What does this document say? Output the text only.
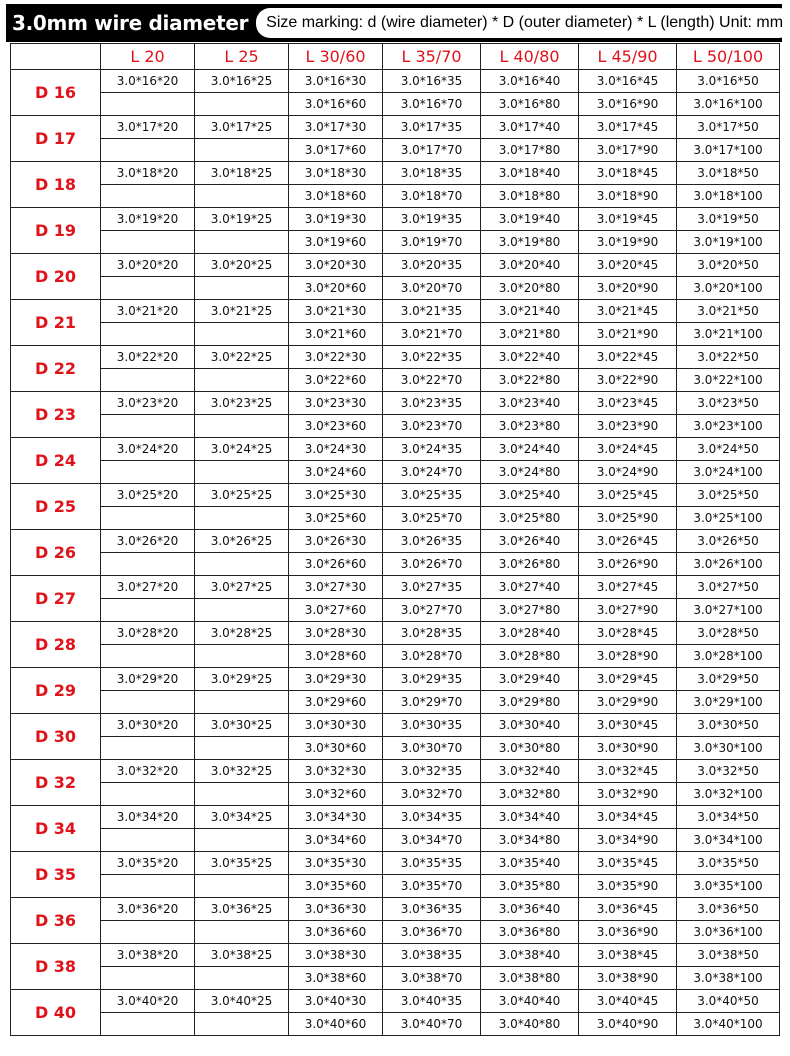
3.0mm wire diameter	Size marking: d (wire diameter) * D (outer diameter) * L (length) Unit: mm
	L 20	L 25	L 30/60	L 35/70	L 40/80	L 45/90	L 50/100
D 16	3.0*16*20	3.0*16*25	3.0*16*30	3.0*16*35	3.0*16*40	3.0*16*45	3.0*16*50
			3.0*16*60	3.0*16*70	3.0*16*80	3.0*16*90	3.0*16*100
D 17	3.0*17*20	3.0*17*25	3.0*17*30	3.0*17*35	3.0*17*40	3.0*17*45	3.0*17*50
			3.0*17*60	3.0*17*70	3.0*17*80	3.0*17*90	3.0*17*100
D 18	3.0*18*20	3.0*18*25	3.0*18*30	3.0*18*35	3.0*18*40	3.0*18*45	3.0*18*50
			3.0*18*60	3.0*18*70	3.0*18*80	3.0*18*90	3.0*18*100
D 19	3.0*19*20	3.0*19*25	3.0*19*30	3.0*19*35	3.0*19*40	3.0*19*45	3.0*19*50
			3.0*19*60	3.0*19*70	3.0*19*80	3.0*19*90	3.0*19*100
D 20	3.0*20*20	3.0*20*25	3.0*20*30	3.0*20*35	3.0*20*40	3.0*20*45	3.0*20*50
			3.0*20*60	3.0*20*70	3.0*20*80	3.0*20*90	3.0*20*100
D 21	3.0*21*20	3.0*21*25	3.0*21*30	3.0*21*35	3.0*21*40	3.0*21*45	3.0*21*50
			3.0*21*60	3.0*21*70	3.0*21*80	3.0*21*90	3.0*21*100
D 22	3.0*22*20	3.0*22*25	3.0*22*30	3.0*22*35	3.0*22*40	3.0*22*45	3.0*22*50
			3.0*22*60	3.0*22*70	3.0*22*80	3.0*22*90	3.0*22*100
D 23	3.0*23*20	3.0*23*25	3.0*23*30	3.0*23*35	3.0*23*40	3.0*23*45	3.0*23*50
			3.0*23*60	3.0*23*70	3.0*23*80	3.0*23*90	3.0*23*100
D 24	3.0*24*20	3.0*24*25	3.0*24*30	3.0*24*35	3.0*24*40	3.0*24*45	3.0*24*50
			3.0*24*60	3.0*24*70	3.0*24*80	3.0*24*90	3.0*24*100
D 25	3.0*25*20	3.0*25*25	3.0*25*30	3.0*25*35	3.0*25*40	3.0*25*45	3.0*25*50
			3.0*25*60	3.0*25*70	3.0*25*80	3.0*25*90	3.0*25*100
D 26	3.0*26*20	3.0*26*25	3.0*26*30	3.0*26*35	3.0*26*40	3.0*26*45	3.0*26*50
			3.0*26*60	3.0*26*70	3.0*26*80	3.0*26*90	3.0*26*100
D 27	3.0*27*20	3.0*27*25	3.0*27*30	3.0*27*35	3.0*27*40	3.0*27*45	3.0*27*50
			3.0*27*60	3.0*27*70	3.0*27*80	3.0*27*90	3.0*27*100
D 28	3.0*28*20	3.0*28*25	3.0*28*30	3.0*28*35	3.0*28*40	3.0*28*45	3.0*28*50
			3.0*28*60	3.0*28*70	3.0*28*80	3.0*28*90	3.0*28*100
D 29	3.0*29*20	3.0*29*25	3.0*29*30	3.0*29*35	3.0*29*40	3.0*29*45	3.0*29*50
			3.0*29*60	3.0*29*70	3.0*29*80	3.0*29*90	3.0*29*100
D 30	3.0*30*20	3.0*30*25	3.0*30*30	3.0*30*35	3.0*30*40	3.0*30*45	3.0*30*50
			3.0*30*60	3.0*30*70	3.0*30*80	3.0*30*90	3.0*30*100
D 32	3.0*32*20	3.0*32*25	3.0*32*30	3.0*32*35	3.0*32*40	3.0*32*45	3.0*32*50
			3.0*32*60	3.0*32*70	3.0*32*80	3.0*32*90	3.0*32*100
D 34	3.0*34*20	3.0*34*25	3.0*34*30	3.0*34*35	3.0*34*40	3.0*34*45	3.0*34*50
			3.0*34*60	3.0*34*70	3.0*34*80	3.0*34*90	3.0*34*100
D 35	3.0*35*20	3.0*35*25	3.0*35*30	3.0*35*35	3.0*35*40	3.0*35*45	3.0*35*50
			3.0*35*60	3.0*35*70	3.0*35*80	3.0*35*90	3.0*35*100
D 36	3.0*36*20	3.0*36*25	3.0*36*30	3.0*36*35	3.0*36*40	3.0*36*45	3.0*36*50
			3.0*36*60	3.0*36*70	3.0*36*80	3.0*36*90	3.0*36*100
D 38	3.0*38*20	3.0*38*25	3.0*38*30	3.0*38*35	3.0*38*40	3.0*38*45	3.0*38*50
			3.0*38*60	3.0*38*70	3.0*38*80	3.0*38*90	3.0*38*100
D 40	3.0*40*20	3.0*40*25	3.0*40*30	3.0*40*35	3.0*40*40	3.0*40*45	3.0*40*50
			3.0*40*60	3.0*40*70	3.0*40*80	3.0*40*90	3.0*40*100
